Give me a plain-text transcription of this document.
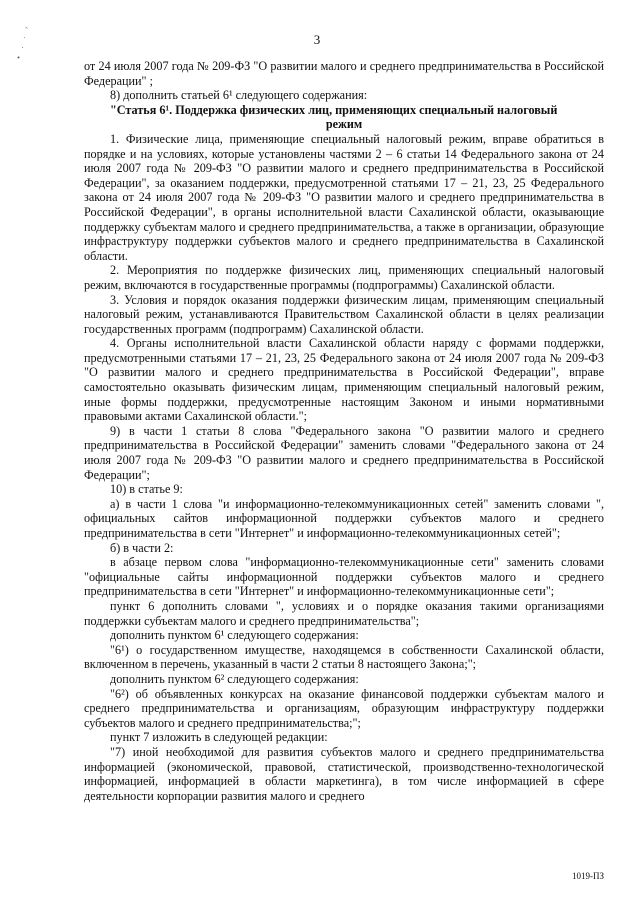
• . . ,	3

от 24 июля 2007 года № 209-ФЗ "О развитии малого и среднего предпринимательства в Российской Федерации" ;

8) дополнить статьей 6¹ следующего содержания:

"Статья 6¹. Поддержка физических лиц, применяющих специальный налоговый

режим

1. Физические лица, применяющие специальный налоговый режим, вправе обратиться в порядке и на условиях, которые установлены частями 2 – 6 статьи 14 Федерального закона от 24 июля 2007 года № 209-ФЗ "О развитии малого и среднего предпринимательства в Российской Федерации", за оказанием поддержки, предусмотренной статьями 17 – 21, 23, 25 Федерального закона от 24 июля 2007 года № 209-ФЗ "О развитии малого и среднего предпринимательства в Российской Федерации", в органы исполнительной власти Сахалинской области, оказывающие поддержку субъектам малого и среднего предпринимательства, а также в организации, образующие инфраструктуру поддержки субъектов малого и среднего предпринимательства в Сахалинской области.

2. Мероприятия по поддержке физических лиц, применяющих специальный налоговый режим, включаются в государственные программы (подпрограммы) Сахалинской области.

3. Условия и порядок оказания поддержки физическим лицам, применяющим специальный налоговый режим, устанавливаются Правительством Сахалинской области в целях реализации государственных программ (подпрограмм) Сахалинской области.

4. Органы исполнительной власти Сахалинской области наряду с формами поддержки, предусмотренными статьями 17 – 21, 23, 25 Федерального закона от 24 июля 2007 года № 209-ФЗ "О развитии малого и среднего предпринимательства в Российской Федерации", вправе самостоятельно оказывать физическим лицам, применяющим специальный налоговый режим, иные формы поддержки, предусмотренные настоящим Законом и иными нормативными правовыми актами Сахалинской области.";

9) в части 1 статьи 8 слова "Федерального закона "О развитии малого и среднего предпринимательства в Российской Федерации" заменить словами "Федерального закона от 24 июля 2007 года № 209-ФЗ "О развитии малого и среднего предпринимательства в Российской Федерации";

10) в статье 9:

а) в части 1 слова "и информационно-телекоммуникационных сетей" заменить словами ", официальных сайтов информационной поддержки субъектов малого и среднего предпринимательства в сети "Интернет" и информационно-телекоммуникационных сетей";

б) в части 2:

в абзаце первом слова "информационно-телекоммуникационные сети" заменить словами "официальные сайты информационной поддержки субъектов малого и среднего предпринимательства в сети "Интернет" и информационно-телекоммуникационные сети";

пункт 6 дополнить словами ", условиях и о порядке оказания такими организациями поддержки субъектам малого и среднего предпринимательства";

дополнить пунктом 6¹ следующего содержания:

"6¹) о государственном имуществе, находящемся в собственности Сахалинской области, включенном в перечень, указанный в части 2 статьи 8 настоящего Закона;";

дополнить пунктом 6² следующего содержания:

"6²) об объявленных конкурсах на оказание финансовой поддержки субъектам малого и среднего предпринимательства и организациям, образующим инфраструктуру поддержки субъектов малого и среднего предпринимательства;";

пункт 7 изложить в следующей редакции:

"7) иной необходимой для развития субъектов малого и среднего предпринимательства информацией (экономической, правовой, статистической, производственно-технологической информацией, информацией в области маркетинга), в том числе информацией в сфере деятельности корпорации развития малого и среднего

1019-ПЗ
